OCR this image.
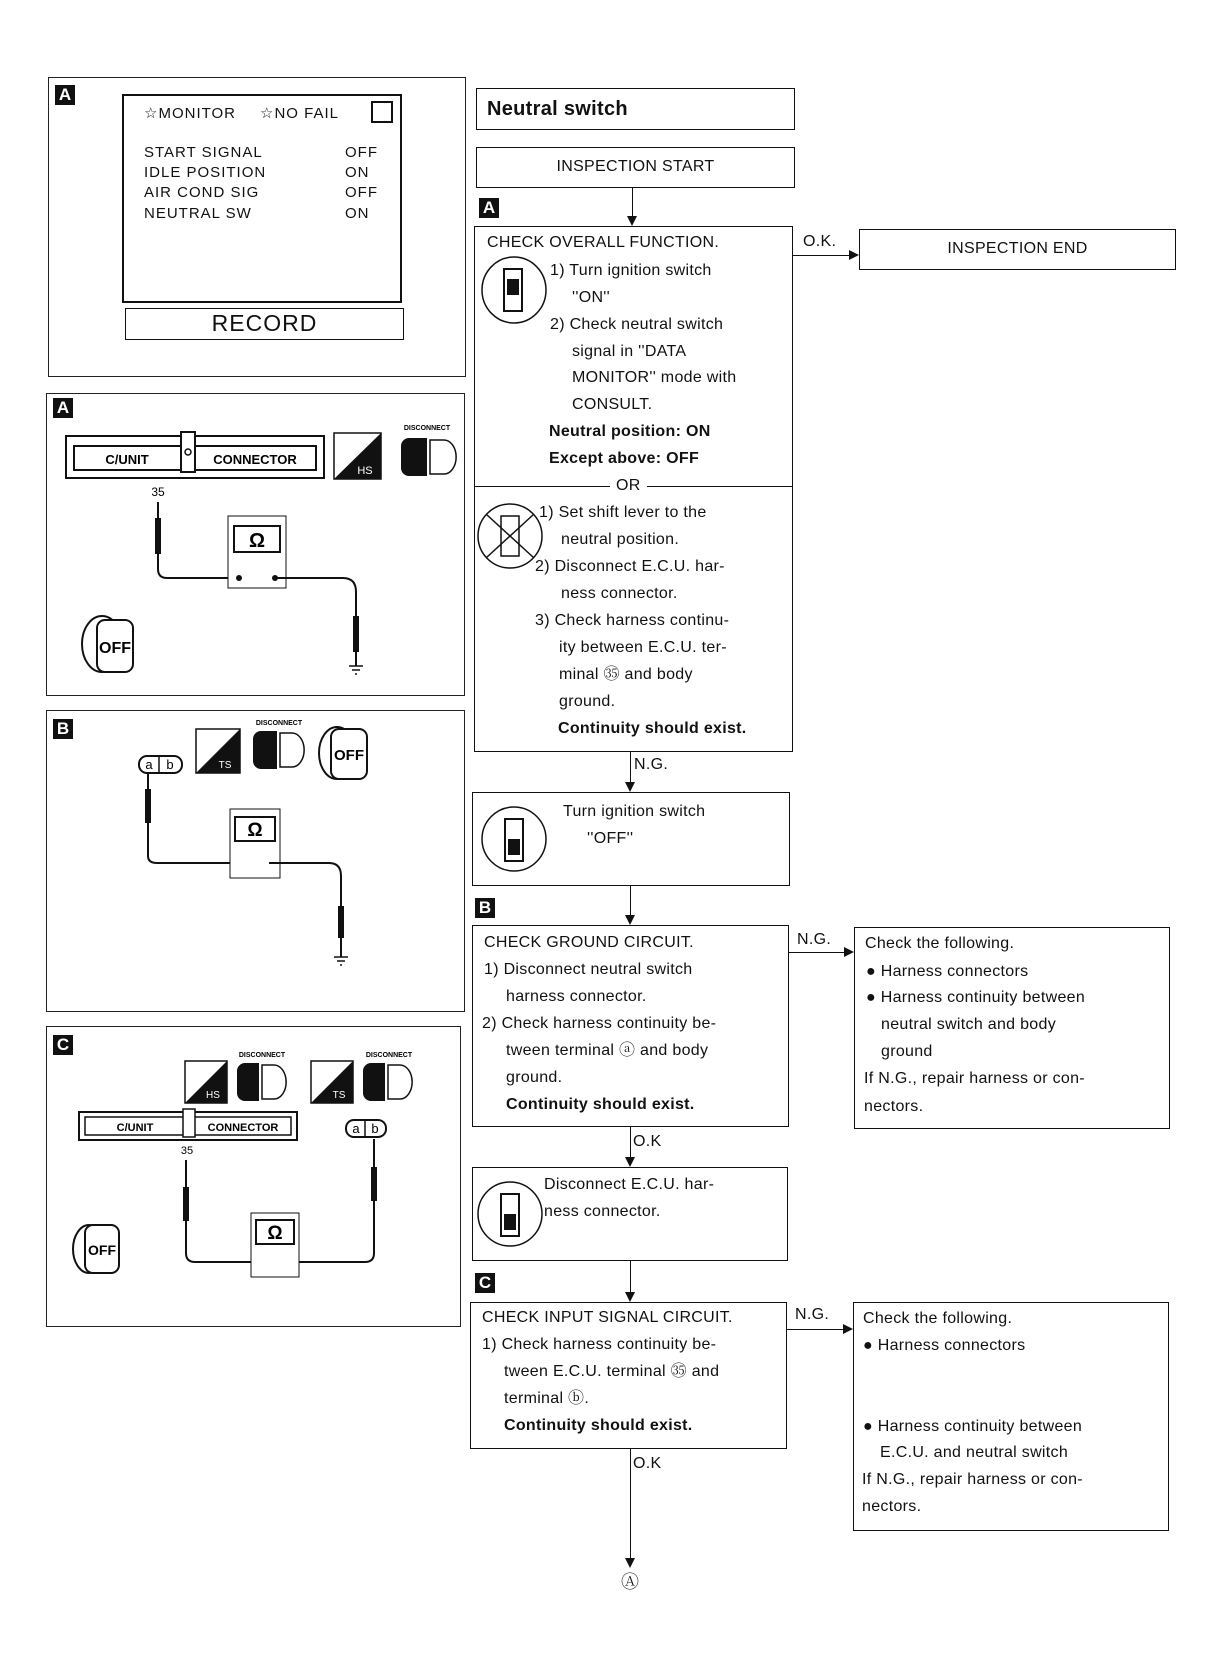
A
☆MONITOR ☆NO FAIL
START SIGNAL	OFF
IDLE POSITION	ON
AIR COND SIG	OFF
NEUTRAL SW	ON
RECORD
A
C/UNIT	CONNECTOR
35
HS
DISCONNECT
Ω
OFF
B
a b	TS
DISCONNECT
OFF
Ω
C
HS
DISCONNECT
TS
DISCONNECT
C/UNIT	CONNECTOR
35
a b
Ω
OFF
Neutral switch
INSPECTION START
A
CHECK OVERALL FUNCTION.
1) Turn ignition switch
''ON''
2) Check neutral switch
signal in ''DATA
MONITOR'' mode with
CONSULT.
Neutral position: ON
Except above: OFF
OR
1) Set shift lever to the
neutral position.
2) Disconnect E.C.U. har-
ness connector.
3) Check harness continu-
ity between E.C.U. ter-
minal ㉟ and body
ground.
Continuity should exist.
O.K.	INSPECTION END
N.G.
Turn ignition switch
''OFF''
B
CHECK GROUND CIRCUIT.
1) Disconnect neutral switch
harness connector.
2) Check harness continuity be-
tween terminal ⓐ and body
ground.
Continuity should exist.
N.G. Check the following.
● Harness connectors
● Harness continuity between
neutral switch and body
ground
If N.G., repair harness or con-
nectors.
O.K
Disconnect E.C.U. har-
ness connector.
C
CHECK INPUT SIGNAL CIRCUIT.
1) Check harness continuity be-
tween E.C.U. terminal ㉟ and
terminal ⓑ.
Continuity should exist.
N.G. Check the following.
● Harness connectors
● Harness continuity between
E.C.U. and neutral switch
If N.G., repair harness or con-
nectors.
O.K
Ⓐ
